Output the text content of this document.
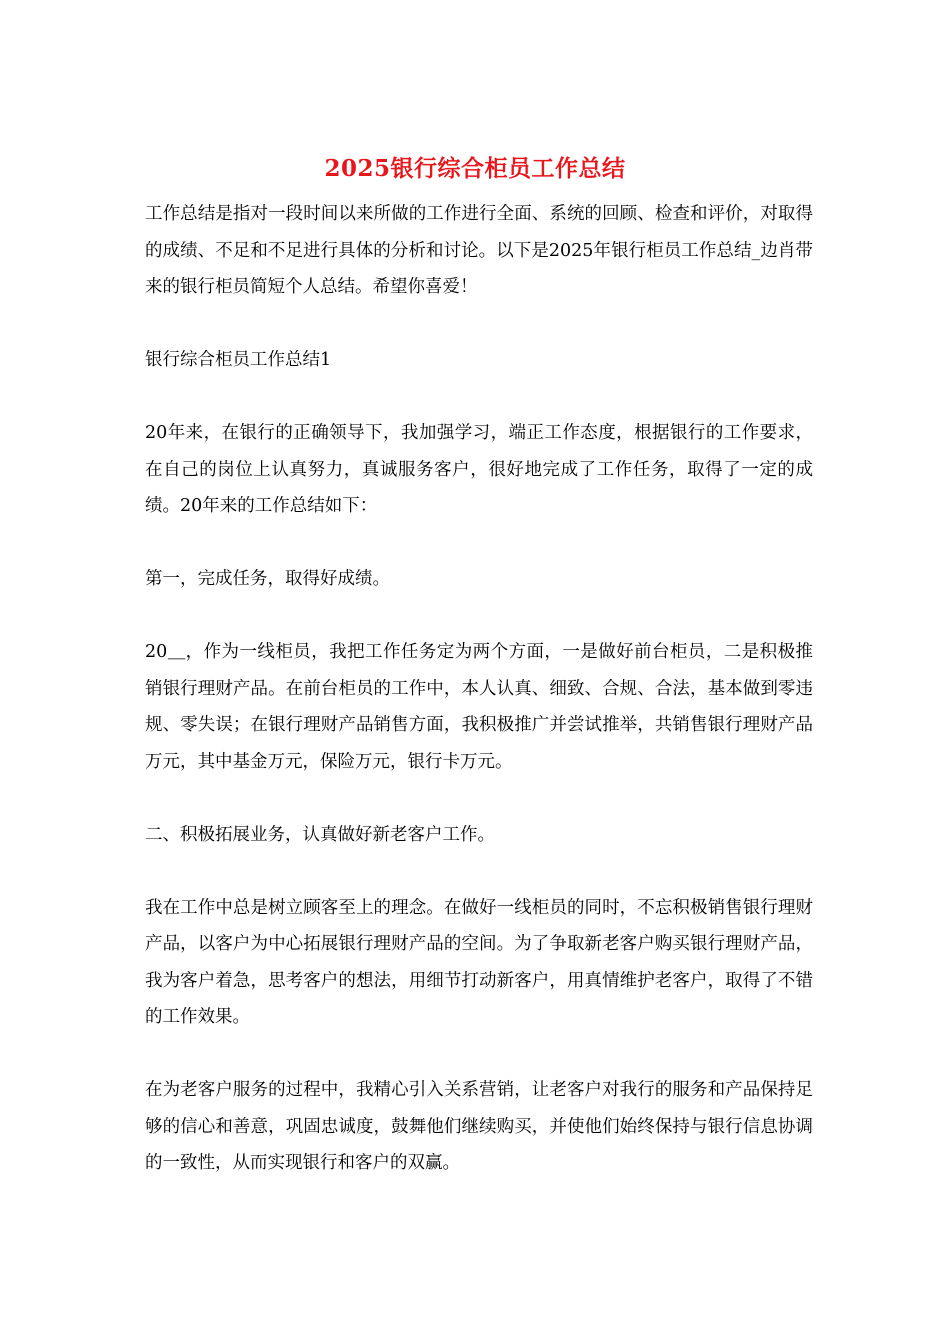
2025银行综合柜员工作总结

工作总结是指对一段时间以来所做的工作进行全面、系统的回顾、检查和评价，对取得的成绩、不足和不足进行具体的分析和讨论。以下是2025年银行柜员工作总结_边肖带来的银行柜员简短个人总结。希望你喜爱！

银行综合柜员工作总结1

20年来，在银行的正确领导下，我加强学习，端正工作态度，根据银行的工作要求，在自己的岗位上认真努力，真诚服务客户，很好地完成了工作任务，取得了一定的成绩。20年来的工作总结如下：

第一，完成任务，取得好成绩。

20＿，作为一线柜员，我把工作任务定为两个方面，一是做好前台柜员，二是积极推销银行理财产品。在前台柜员的工作中，本人认真、细致、合规、合法，基本做到零违规、零失误；在银行理财产品销售方面，我积极推广并尝试推举，共销售银行理财产品万元，其中基金万元，保险万元，银行卡万元。

二、积极拓展业务，认真做好新老客户工作。

我在工作中总是树立顾客至上的理念。在做好一线柜员的同时，不忘积极销售银行理财产品，以客户为中心拓展银行理财产品的空间。为了争取新老客户购买银行理财产品，我为客户着急，思考客户的想法，用细节打动新客户，用真情维护老客户，取得了不错的工作效果。

在为老客户服务的过程中，我精心引入关系营销，让老客户对我行的服务和产品保持足够的信心和善意，巩固忠诚度，鼓舞他们继续购买，并使他们始终保持与银行信息协调的一致性，从而实现银行和客户的双赢。
